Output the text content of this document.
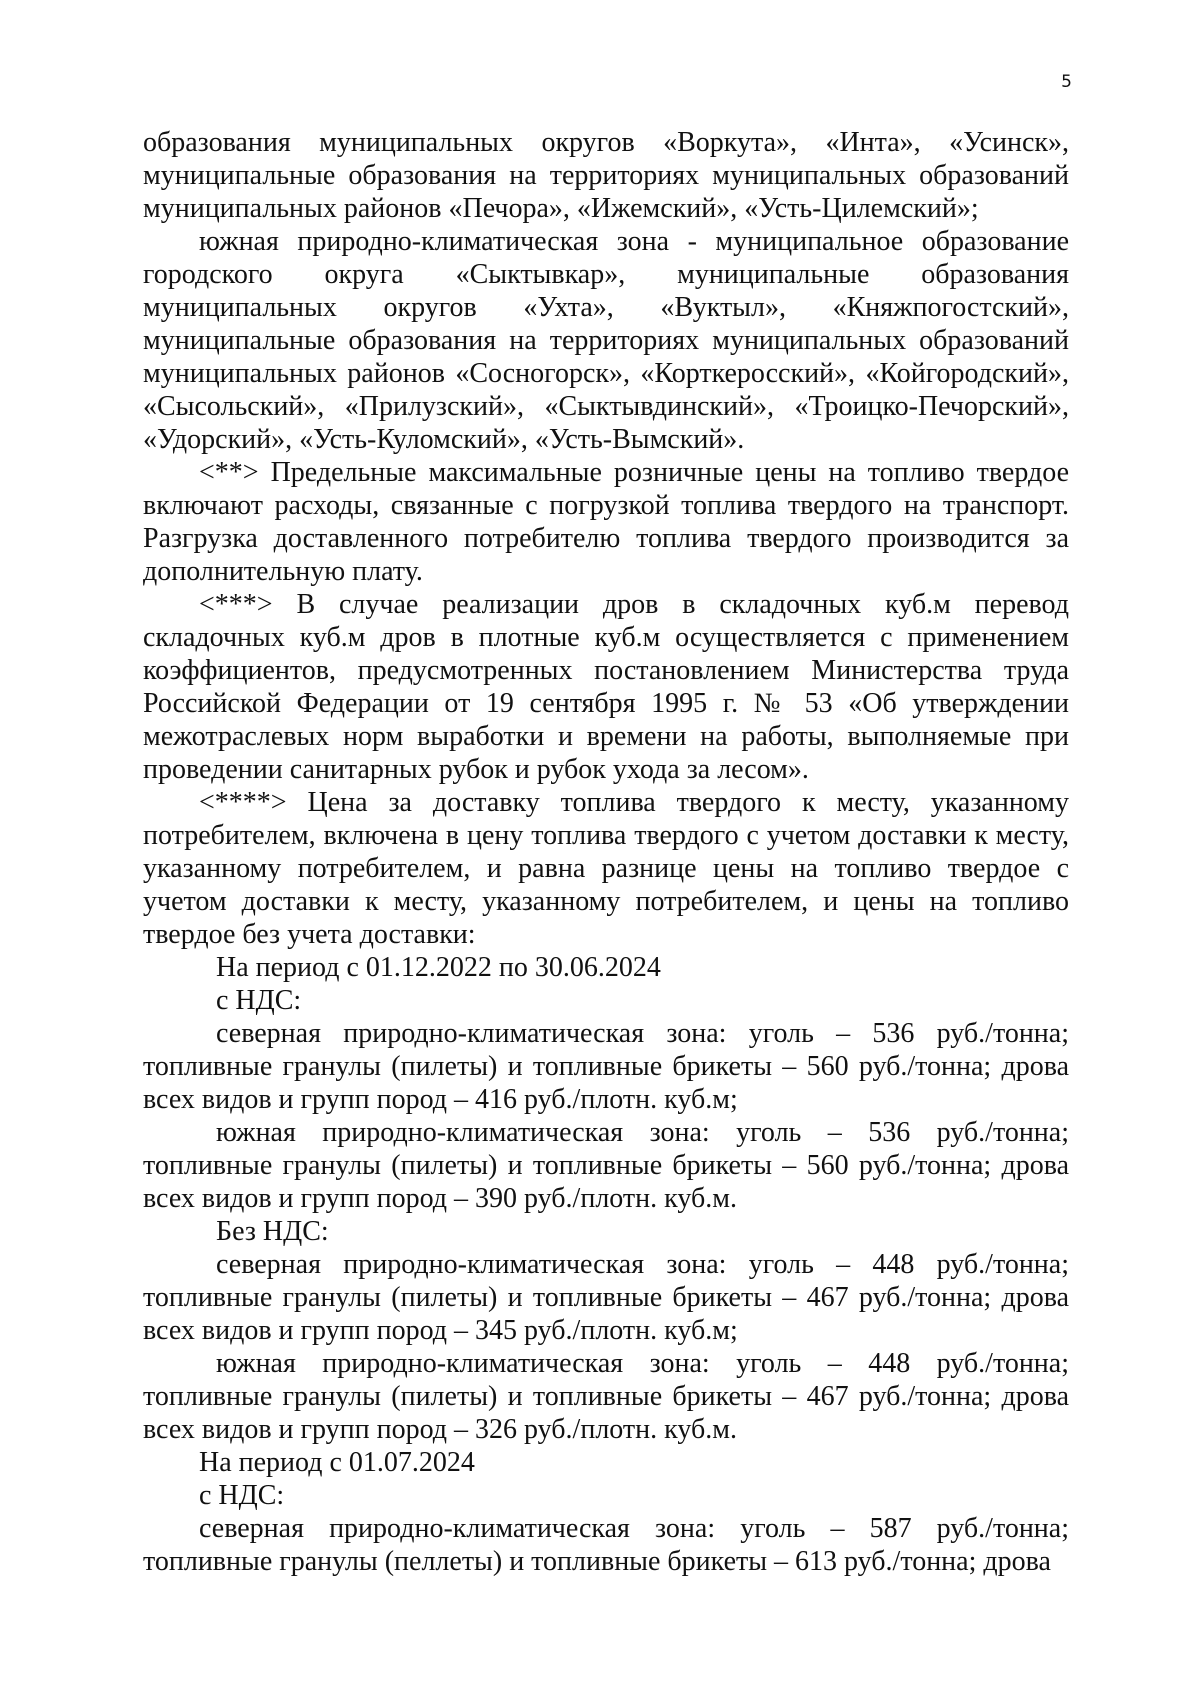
5

образования муниципальных округов «Воркута», «Инта», «Усинск», муниципальные образования на территориях муниципальных образований муниципальных районов «Печора», «Ижемский», «Усть-Цилемский»;

южная природно-климатическая зона - муниципальное образование городского округа «Сыктывкар», муниципальные образования муниципальных округов «Ухта», «Вуктыл», «Княжпогостский», муниципальные образования на территориях муниципальных образований муниципальных районов «Сосногорск», «Корткеросский», «Койгородский», «Сысольский», «Прилузский», «Сыктывдинский», «Троицко-Печорский», «Удорский», «Усть-Куломский», «Усть-Вымский».

<**> Предельные максимальные розничные цены на топливо твердое включают расходы, связанные с погрузкой топлива твердого на транспорт. Разгрузка доставленного потребителю топлива твердого производится за дополнительную плату.

<***> В случае реализации дров в складочных куб.м перевод складочных куб.м дров в плотные куб.м осуществляется с применением коэффициентов, предусмотренных постановлением Министерства труда Российской Федерации от 19 сентября 1995 г. № 53 «Об утверждении межотраслевых норм выработки и времени на работы, выполняемые при проведении санитарных рубок и рубок ухода за лесом».

<****> Цена за доставку топлива твердого к месту, указанному потребителем, включена в цену топлива твердого с учетом доставки к месту, указанному потребителем, и равна разнице цены на топливо твердое с учетом доставки к месту, указанному потребителем, и цены на топливо твердое без учета доставки:

На период с 01.12.2022 по 30.06.2024

с НДС:

северная природно-климатическая зона: уголь – 536 руб./тонна; топливные гранулы (пилеты) и топливные брикеты – 560 руб./тонна; дрова всех видов и групп пород – 416 руб./плотн. куб.м;

южная природно-климатическая зона: уголь – 536 руб./тонна; топливные гранулы (пилеты) и топливные брикеты – 560 руб./тонна; дрова всех видов и групп пород – 390 руб./плотн. куб.м.

Без НДС:

северная природно-климатическая зона: уголь – 448 руб./тонна; топливные гранулы (пилеты) и топливные брикеты – 467 руб./тонна; дрова всех видов и групп пород – 345 руб./плотн. куб.м;

южная природно-климатическая зона: уголь – 448 руб./тонна; топливные гранулы (пилеты) и топливные брикеты – 467 руб./тонна; дрова всех видов и групп пород – 326 руб./плотн. куб.м.

На период с 01.07.2024

с НДС:

северная природно-климатическая зона: уголь – 587 руб./тонна; топливные гранулы (пеллеты) и топливные брикеты – 613 руб./тонна; дрова
